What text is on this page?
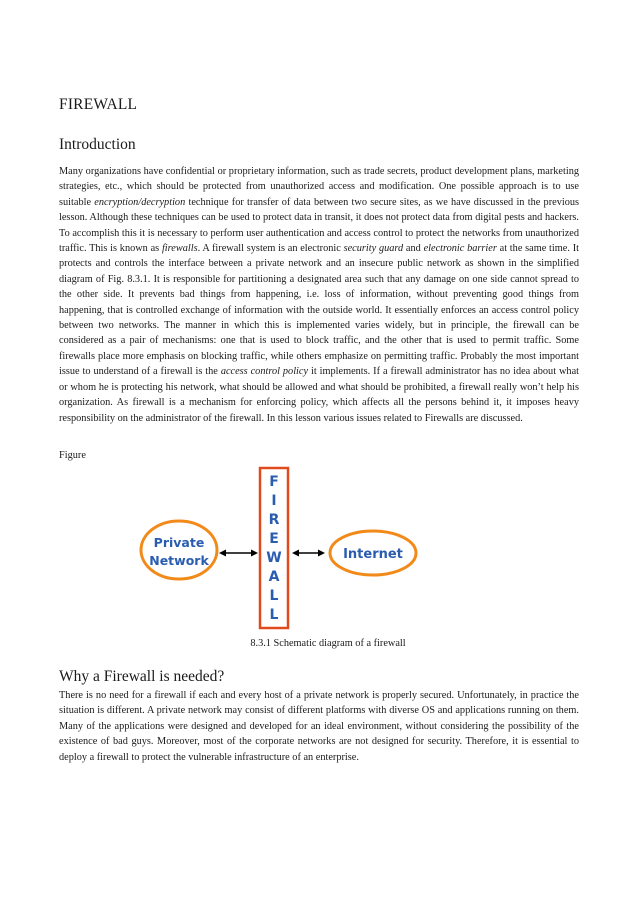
FIREWALL
Introduction

Many organizations have confidential or proprietary information, such as trade secrets, product development plans, marketing strategies, etc., which should be protected from unauthorized access and modification. One possible approach is to use suitable encryption/decryption technique for transfer of data between two secure sites, as we have discussed in the previous lesson. Although these techniques can be used to protect data in transit, it does not protect data from digital pests and hackers. To accomplish this it is necessary to perform user authentication and access control to protect the networks from unauthorized traffic. This is known as firewalls. A firewall system is an electronic security guard and electronic barrier at the same time. It protects and controls the interface between a private network and an insecure public network as shown in the simplified diagram of Fig. 8.3.1. It is responsible for partitioning a designated area such that any damage on one side cannot spread to the other side. It prevents bad things from happening, i.e. loss of information, without preventing good things from happening, that is controlled exchange of information with the outside world. It essentially enforces an access control policy between two networks. The manner in which this is implemented varies widely, but in principle, the firewall can be considered as a pair of mechanisms: one that is used to block traffic, and the other that is used to permit traffic. Some firewalls place more emphasis on blocking traffic, while others emphasize on permitting traffic. Probably the most important issue to understand of a firewall is the access control policy it implements. If a firewall administrator has no idea about what or whom he is protecting his network, what should be allowed and what should be prohibited, a firewall really won’t help his organization. As firewall is a mechanism for enforcing policy, which affects all the persons behind it, it imposes heavy responsibility on the administrator of the firewall. In this lesson various issues related to Firewalls are discussed.

Figure

Private
Network
F
I
R
E
W
A
L
L
Internet

8.3.1 Schematic diagram of a firewall

Why a Firewall is needed?

There is no need for a firewall if each and every host of a private network is properly secured. Unfortunately, in practice the situation is different. A private network may consist of different platforms with diverse OS and applications running on them. Many of the applications were designed and developed for an ideal environment, without considering the possibility of the existence of bad guys. Moreover, most of the corporate networks are not designed for security. Therefore, it is essential to deploy a firewall to protect the vulnerable infrastructure of an enterprise.
